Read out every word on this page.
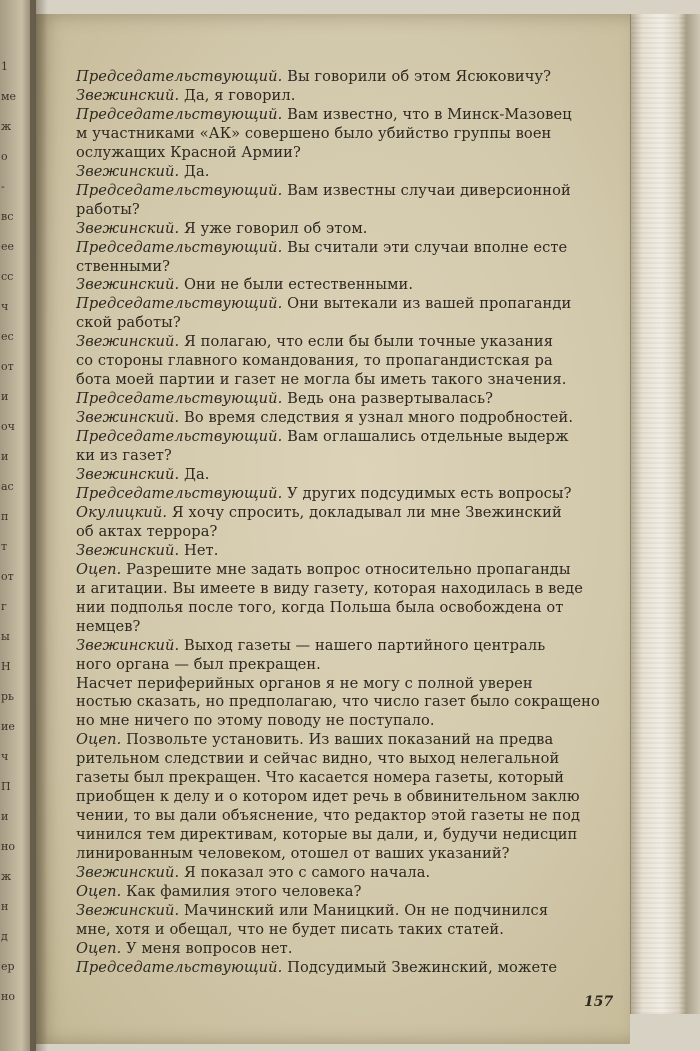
1
ме
ж
о
-
вс
ее
сс
ч
ес
от
и
оч
и
ас
п
т
от
г
ы
Н
рь
ие
ч
П
и
но
ж
н
д
ер
но

Председательствующий. Вы говорили об этом Ясюковичу?

Звежинский. Да, я говорил.

Председательствующий. Вам известно, что в Минск-Мазовец

м участниками «АК» совершено было убийство группы воен

ослужащих Красной Армии?

Звежинский. Да.

Председательствующий. Вам известны случаи диверсионной

работы?

Звежинский. Я уже говорил об этом.

Председательствующий. Вы считали эти случаи вполне есте

ственными?

Звежинский. Они не были естественными.

Председательствующий. Они вытекали из вашей пропаганди

ской работы?

Звежинский. Я полагаю, что если бы были точные указания

со стороны главного командования, то пропагандистская ра

бота моей партии и газет не могла бы иметь такого значения.

Председательствующий. Ведь она развертывалась?

Звежинский. Во время следствия я узнал много подробностей.

Председательствующий. Вам оглашались отдельные выдерж

ки из газет?

Звежинский. Да.

Председательствующий. У других подсудимых есть вопросы?

Окулицкий. Я хочу спросить, докладывал ли мне Звежинский

об актах террора?

Звежинский. Нет.

Оцеп. Разрешите мне задать вопрос относительно пропаганды

и агитации. Вы имеете в виду газету, которая находилась в веде

нии подполья после того, когда Польша была освобождена от

немцев?

Звежинский. Выход газеты — нашего партийного централь

ного органа — был прекращен.

Насчет периферийных органов я не могу с полной уверен

ностью сказать, но предполагаю, что число газет было сокращено

но мне ничего по этому поводу не поступало.

Оцеп. Позвольте установить. Из ваших показаний на предва

рительном следствии и сейчас видно, что выход нелегальной

газеты был прекращен. Что касается номера газеты, который

приобщен к делу и о котором идет речь в обвинительном заклю

чении, то вы дали объяснение, что редактор этой газеты не под

чинился тем директивам, которые вы дали, и, будучи недисцип

линированным человеком, отошел от ваших указаний?

Звежинский. Я показал это с самого начала.

Оцеп. Как фамилия этого человека?

Звежинский. Мачинский или Маницкий. Он не подчинился

мне, хотя и обещал, что не будет писать таких статей.

Оцеп. У меня вопросов нет.

Председательствующий. Подсудимый Звежинский, можете

157
